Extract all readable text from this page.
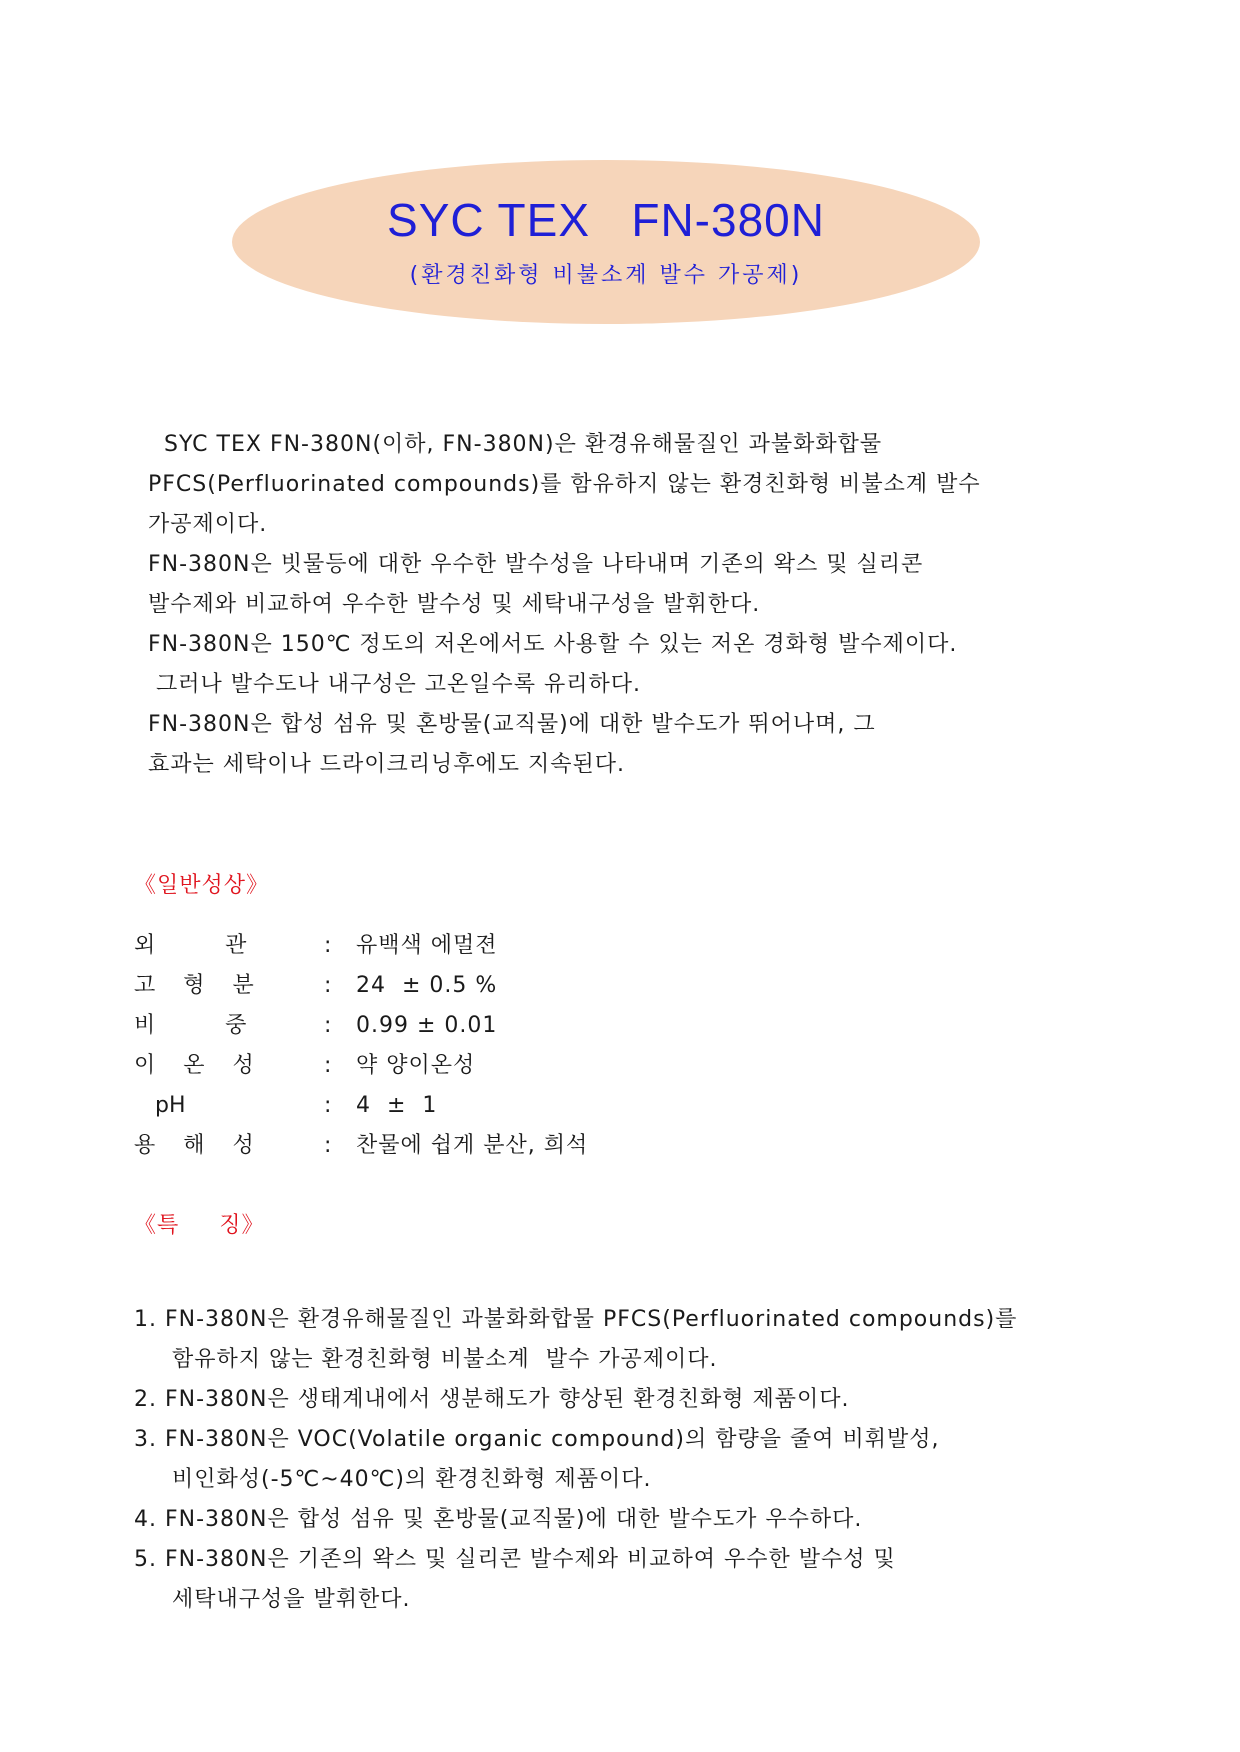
SYC TEX   FN-380N
(환경친화형 비불소계 발수 가공제)
SYC TEX FN-380N(이하, FN-380N)은 환경유해물질인 과불화화합물
PFCS(Perfluorinated compounds)를 함유하지 않는 환경친화형 비불소계 발수
가공제이다.
FN-380N은 빗물등에 대한 우수한 발수성을 나타내며 기존의 왁스 및 실리콘
발수제와 비교하여 우수한 발수성 및 세탁내구성을 발휘한다.
FN-380N은 150℃ 정도의 저온에서도 사용할 수 있는 저온 경화형 발수제이다.
그러나 발수도나 내구성은 고온일수록 유리하다.
FN-380N은 합성 섬유 및 혼방물(교직물)에 대한 발수도가 뛰어나며, 그
효과는 세탁이나 드라이크리닝후에도 지속된다.
《일반성상》
외          관	: 유백색 에멀젼
고    형    분	: 24  ± 0.5 %
비          중	: 0.99 ± 0.01
이    온    성	: 약 양이온성
pH	: 4  ±  1
용    해    성	: 찬물에 쉽게 분산, 희석
《특     징》
1. FN-380N은 환경유해물질인 과불화화합물 PFCS(Perfluorinated compounds)를
함유하지 않는 환경친화형 비불소계  발수 가공제이다.
2. FN-380N은 생태계내에서 생분해도가 향상된 환경친화형 제품이다.
3. FN-380N은 VOC(Volatile organic compound)의 함량을 줄여 비휘발성,
비인화성(-5℃~40℃)의 환경친화형 제품이다.
4. FN-380N은 합성 섬유 및 혼방물(교직물)에 대한 발수도가 우수하다.
5. FN-380N은 기존의 왁스 및 실리콘 발수제와 비교하여 우수한 발수성 및
세탁내구성을 발휘한다.
